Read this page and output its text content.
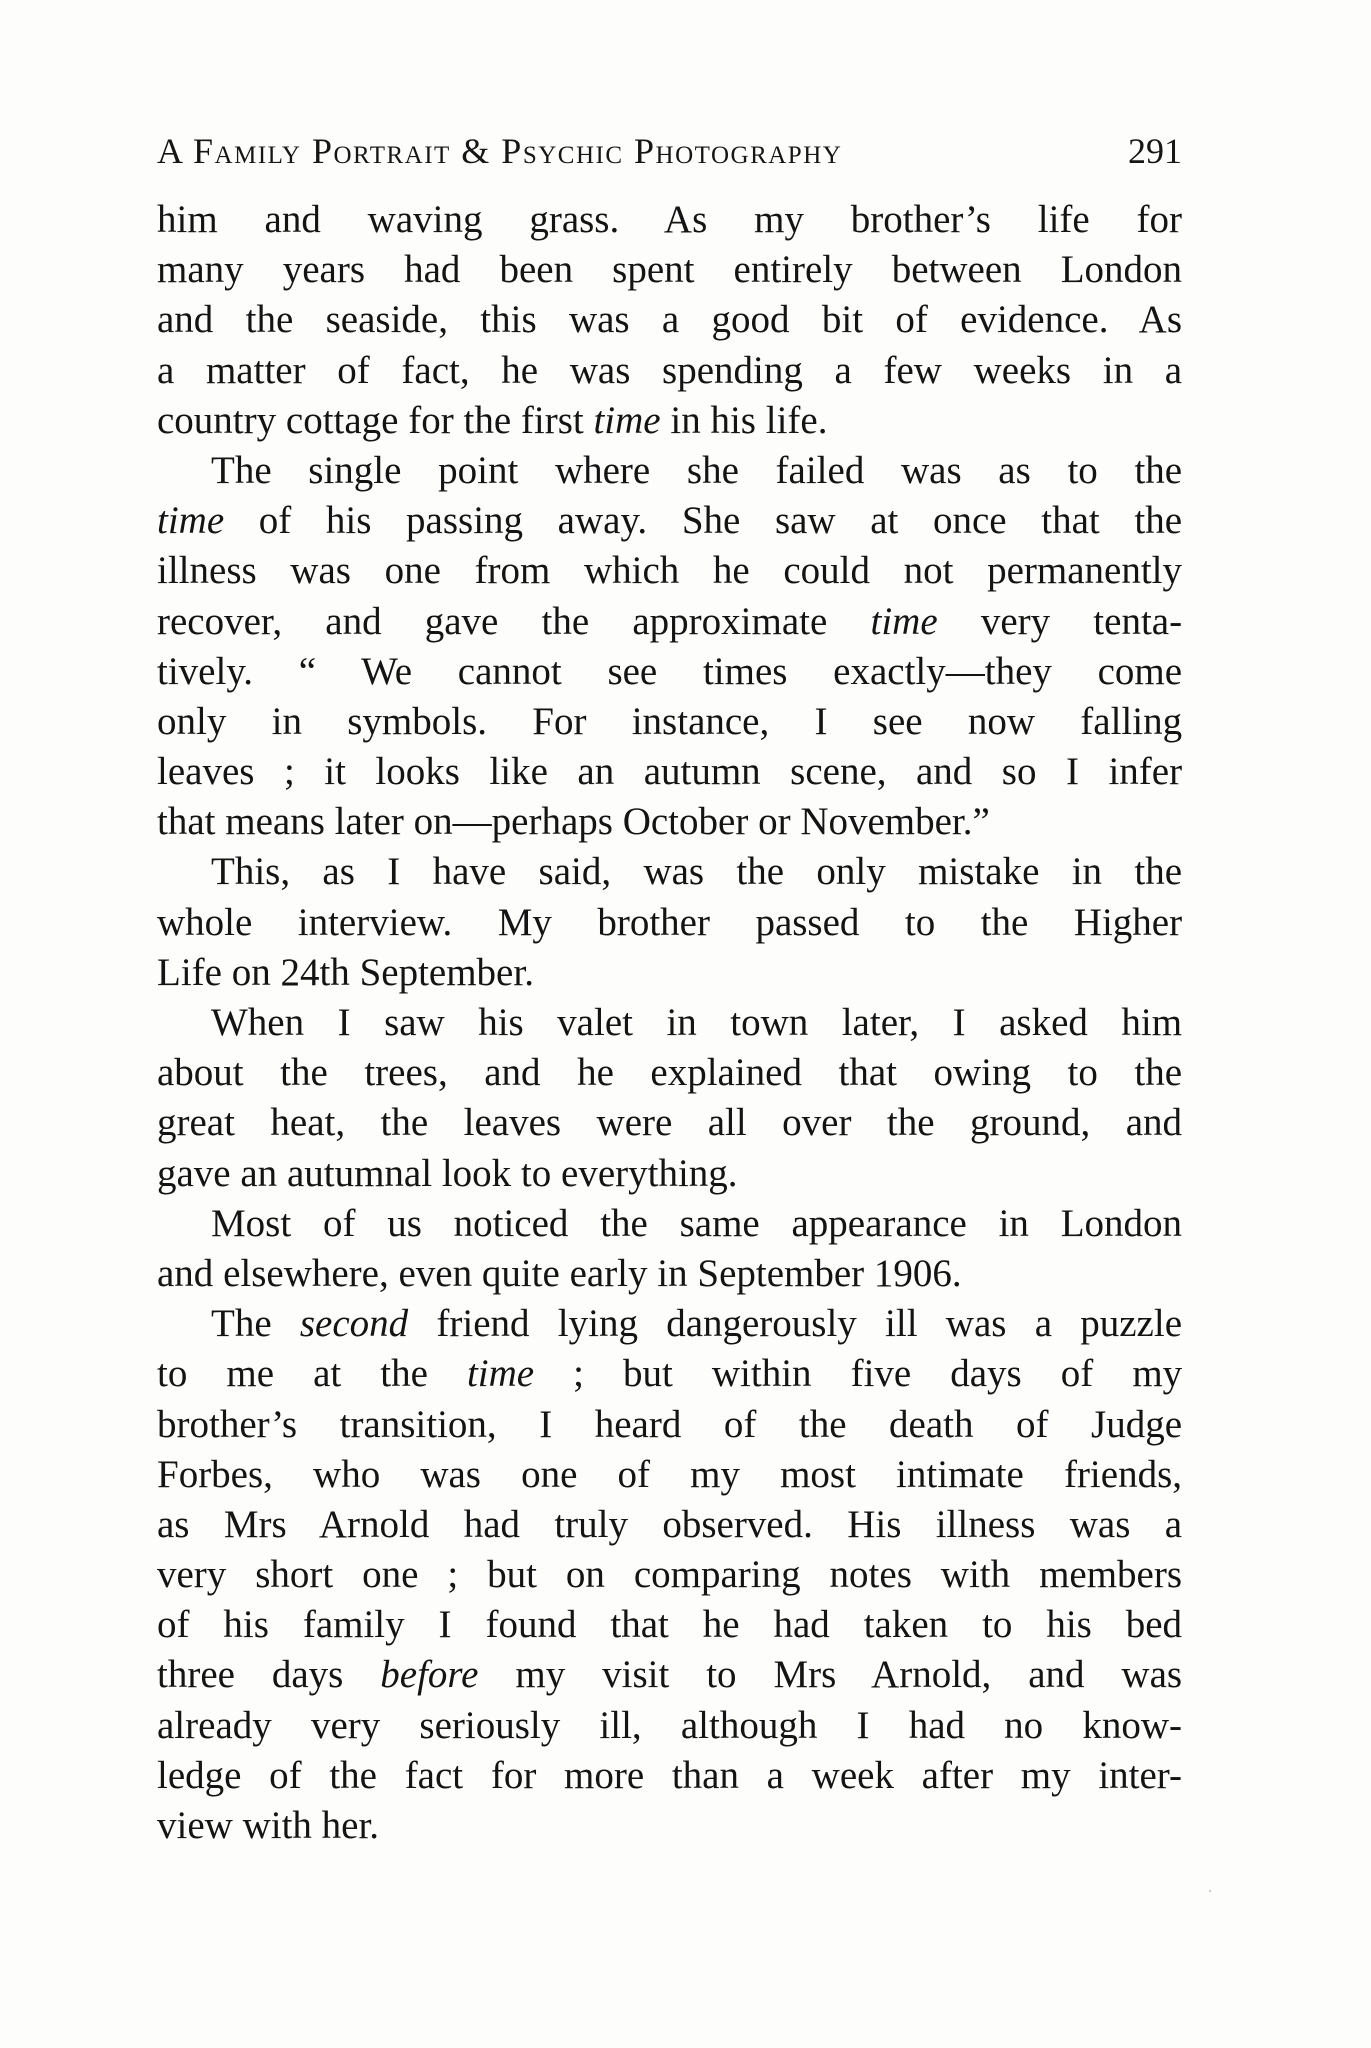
A Family Portrait & Psychic Photography	291
him and waving grass. As my brother’s life for
many years had been spent entirely between London
and the seaside, this was a good bit of evidence. As
a matter of fact, he was spending a few weeks in a
country cottage for the first time in his life.
The single point where she failed was as to the
time of his passing away. She saw at once that the
illness was one from which he could not permanently
recover, and gave the approximate time very tenta-
tively. “ We cannot see times exactly—they come
only in symbols. For instance, I see now falling
leaves ; it looks like an autumn scene, and so I infer
that means later on—perhaps October or November.”
This, as I have said, was the only mistake in the
whole interview. My brother passed to the Higher
Life on 24th September.
When I saw his valet in town later, I asked him
about the trees, and he explained that owing to the
great heat, the leaves were all over the ground, and
gave an autumnal look to everything.
Most of us noticed the same appearance in London
and elsewhere, even quite early in September 1906.
The second friend lying dangerously ill was a puzzle
to me at the time ; but within five days of my
brother’s transition, I heard of the death of Judge
Forbes, who was one of my most intimate friends,
as Mrs Arnold had truly observed. His illness was a
very short one ; but on comparing notes with members
of his family I found that he had taken to his bed
three days before my visit to Mrs Arnold, and was
already very seriously ill, although I had no know-
ledge of the fact for more than a week after my inter-
view with her.
